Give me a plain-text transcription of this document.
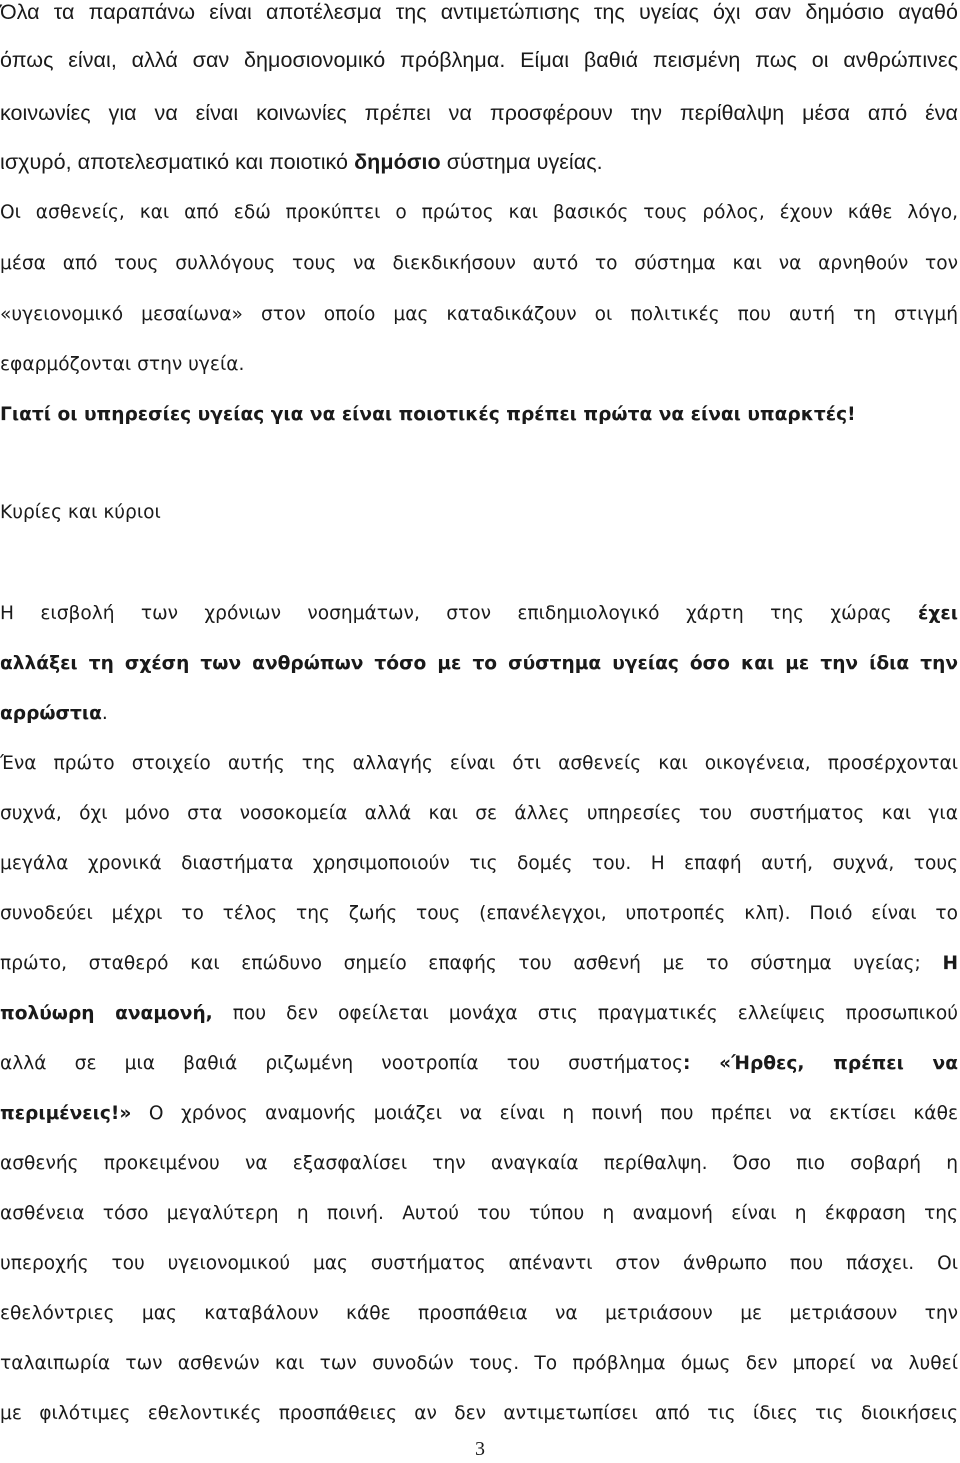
Όλα τα παραπάνω είναι αποτέλεσμα της αντιμετώπισης της υγείας όχι σαν δημόσιο αγαθό
όπως είναι, αλλά σαν δημοσιονομικό πρόβλημα. Είμαι βαθιά πεισμένη πως οι ανθρώπινες
κοινωνίες για να είναι κοινωνίες πρέπει να προσφέρουν την περίθαλψη μέσα από ένα
ισχυρό, αποτελεσματικό και ποιοτικό δημόσιο σύστημα υγείας.
Οι ασθενείς, και από εδώ προκύπτει ο πρώτος και βασικός τους ρόλος, έχουν κάθε λόγο,
μέσα από τους συλλόγους τους να διεκδικήσουν αυτό το σύστημα και να αρνηθούν τον
«υγειονομικό μεσαίωνα» στον οποίο μας καταδικάζουν οι πολιτικές που αυτή τη στιγμή
εφαρμόζονται στην υγεία.
Γιατί οι υπηρεσίες υγείας για να είναι ποιοτικές πρέπει πρώτα να είναι υπαρκτές!
Κυρίες και κύριοι
Η εισβολή των χρόνιων νοσημάτων, στον επιδημιολογικό χάρτη της χώρας έχει
αλλάξει τη σχέση των ανθρώπων τόσο με το σύστημα υγείας όσο και με την ίδια την
αρρώστια.
Ένα πρώτο στοιχείο αυτής της αλλαγής είναι ότι ασθενείς και οικογένεια, προσέρχονται
συχνά, όχι μόνο στα νοσοκομεία αλλά και σε άλλες υπηρεσίες του συστήματος και για
μεγάλα χρονικά διαστήματα χρησιμοποιούν τις δομές του. Η επαφή αυτή, συχνά, τους
συνοδεύει μέχρι το τέλος της ζωής τους (επανέλεγχοι, υποτροπές κλπ). Ποιό είναι το
πρώτο, σταθερό και επώδυνο σημείο επαφής του ασθενή με το σύστημα υγείας; Η
πολύωρη αναμονή, που δεν οφείλεται μονάχα στις πραγματικές ελλείψεις προσωπικού
αλλά σε μια βαθιά ριζωμένη νοοτροπία του συστήματος: «Ήρθες, πρέπει να
περιμένεις!» Ο χρόνος αναμονής μοιάζει να είναι η ποινή που πρέπει να εκτίσει κάθε
ασθενής προκειμένου να εξασφαλίσει την αναγκαία περίθαλψη. Όσο πιο σοβαρή η
ασθένεια τόσο μεγαλύτερη η ποινή. Αυτού του τύπου η αναμονή είναι η έκφραση της
υπεροχής του υγειονομικού μας συστήματος απέναντι στον άνθρωπο που πάσχει. Οι
εθελόντριες μας καταβάλουν κάθε προσπάθεια να μετριάσουν με μετριάσουν την
ταλαιπωρία των ασθενών και των συνοδών τους. Το πρόβλημα όμως δεν μπορεί να λυθεί
με φιλότιμες εθελοντικές προσπάθειες αν δεν αντιμετωπίσει από τις ίδιες τις διοικήσεις
3
